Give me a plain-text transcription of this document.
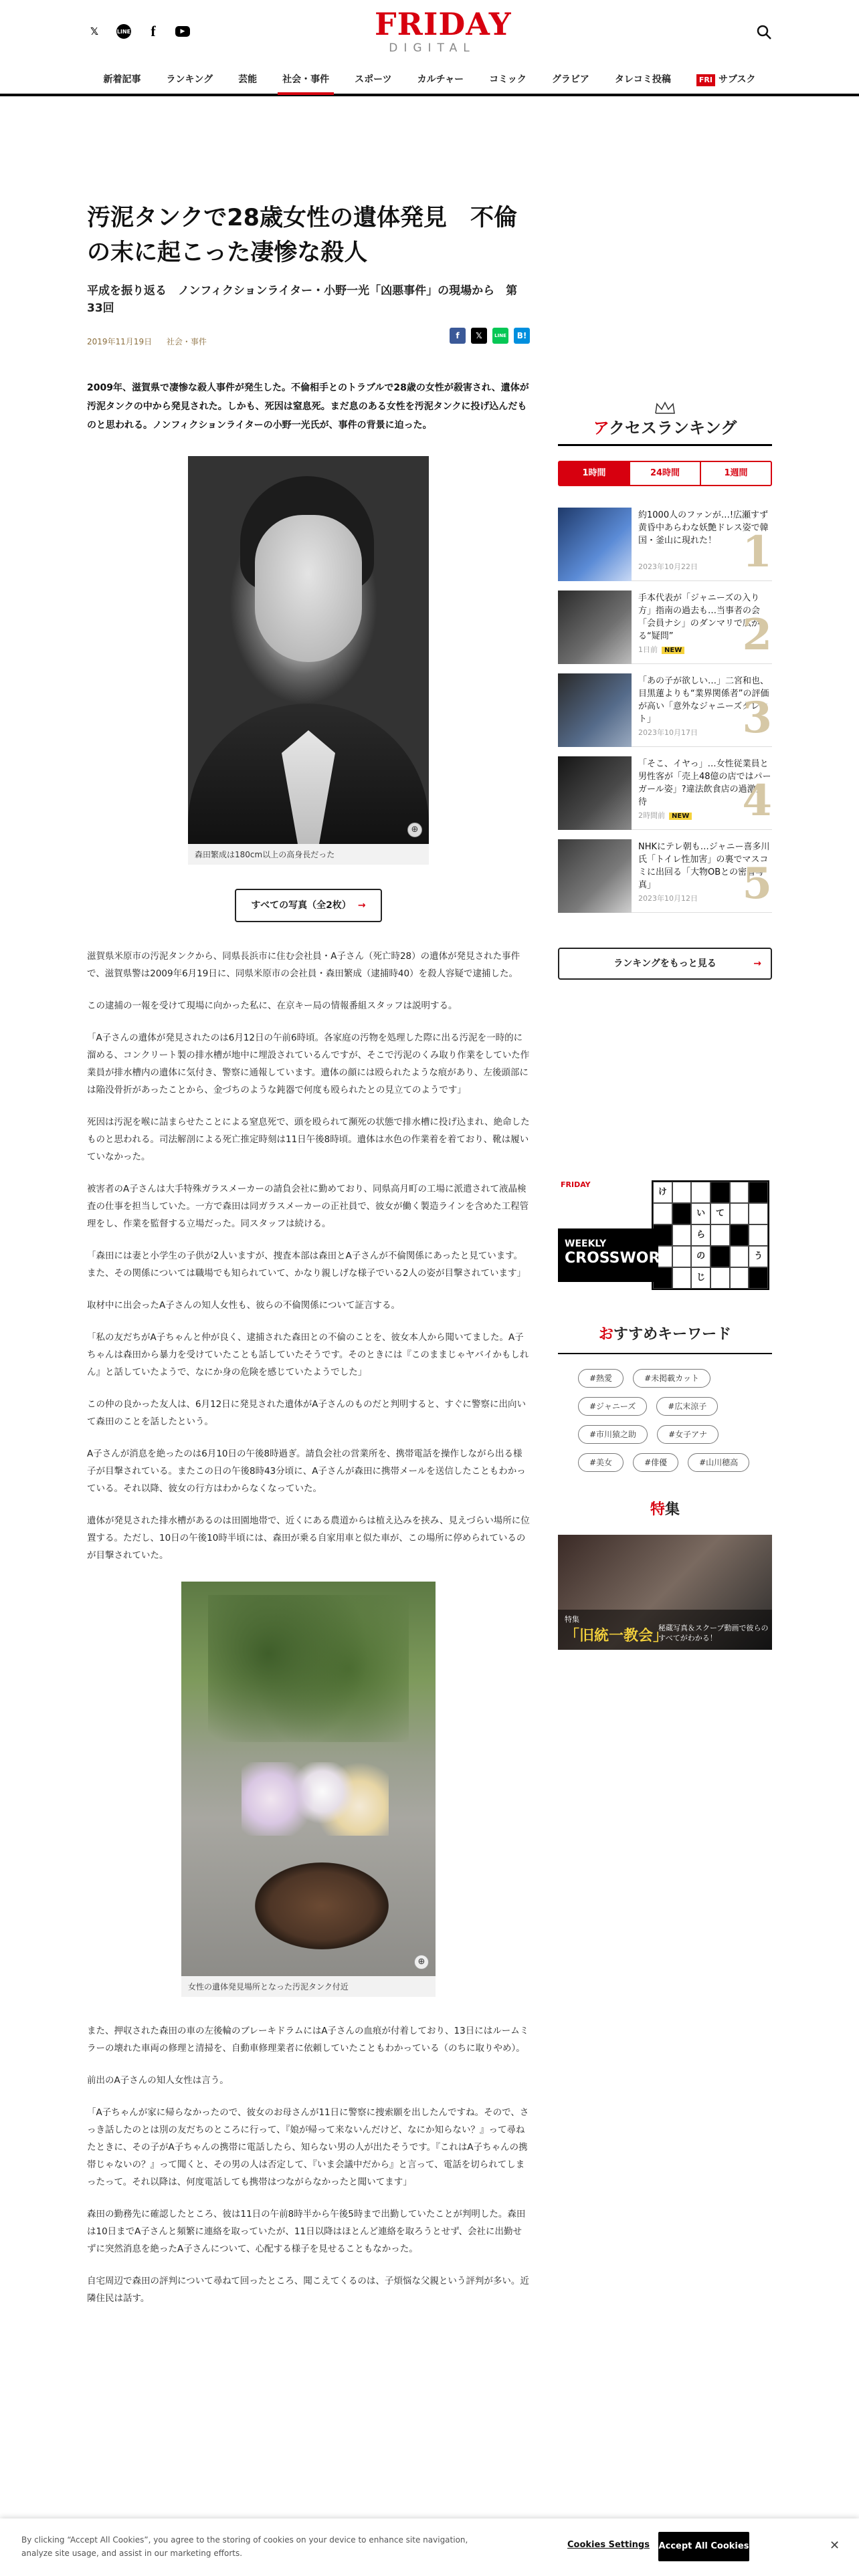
𝕏	LINE	f	▶	FRIDAY
DIGITAL
新着記事	ランキング	芸能	社会・事件	スポーツ	カルチャー	コミック	グラビア	タレコミ投稿	FRI サブスク
汚泥タンクで28歳女性の遺体発見　不倫の末に起こった凄惨な殺人
平成を振り返る　ノンフィクションライター・小野一光「凶悪事件」の現場から　第33回
2019年11月19日 社会・事件
f	𝕏	LINE	B!

2009年、滋賀県で凄惨な殺人事件が発生した。不倫相手とのトラブルで28歳の女性が殺害され、遺体が汚泥タンクの中から発見された。しかも、死因は窒息死。まだ息のある女性を汚泥タンクに投げ込んだものと思われる。ノンフィクションライターの小野一光氏が、事件の背景に迫った。

⊕
森田繁成は180cm以上の高身長だった
すべての写真（全2枚） →

滋賀県米原市の汚泥タンクから、同県長浜市に住む会社員・A子さん（死亡時28）の遺体が発見された事件で、滋賀県警は2009年6月19日に、同県米原市の会社員・森田繁成（逮捕時40）を殺人容疑で逮捕した。

この逮捕の一報を受けて現場に向かった私に、在京キー局の情報番組スタッフは説明する。

「A子さんの遺体が発見されたのは6月12日の午前6時頃。各家庭の汚物を処理した際に出る汚泥を一時的に溜める、コンクリート製の排水槽が地中に埋設されているんですが、そこで汚泥のくみ取り作業をしていた作業員が排水槽内の遺体に気付き、警察に通報しています。遺体の顔には殴られたような痕があり、左後頭部には陥没骨折があったことから、金づちのような鈍器で何度も殴られたとの見立てのようです」

死因は汚泥を喉に詰まらせたことによる窒息死で、頭を殴られて瀕死の状態で排水槽に投げ込まれ、絶命したものと思われる。司法解剖による死亡推定時刻は11日午後8時頃。遺体は水色の作業着を着ており、靴は履いていなかった。

被害者のA子さんは大手特殊ガラスメーカーの請負会社に勤めており、同県高月町の工場に派遣されて液晶検査の仕事を担当していた。一方で森田は同ガラスメーカーの正社員で、彼女が働く製造ラインを含めた工程管理をし、作業を監督する立場だった。同スタッフは続ける。

「森田には妻と小学生の子供が2人いますが、捜査本部は森田とA子さんが不倫関係にあったと見ています。また、その関係については職場でも知られていて、かなり親しげな様子でいる2人の姿が目撃されています」

取材中に出会ったA子さんの知人女性も、彼らの不倫関係について証言する。

「私の友だちがA子ちゃんと仲が良く、逮捕された森田との不倫のことを、彼女本人から聞いてました。A子ちゃんは森田から暴力を受けていたことも話していたそうです。そのときには『このままじゃヤバイかもしれん』と話していたようで、なにか身の危険を感じていたようでした」

この仲の良かった友人は、6月12日に発見された遺体がA子さんのものだと判明すると、すぐに警察に出向いて森田のことを話したという。

A子さんが消息を絶ったのは6月10日の午後8時過ぎ。請負会社の営業所を、携帯電話を操作しながら出る様子が目撃されている。またこの日の午後8時43分頃に、A子さんが森田に携帯メールを送信したこともわかっている。それ以降、彼女の行方はわからなくなっていた。

遺体が発見された排水槽があるのは田園地帯で、近くにある農道からは植え込みを挟み、見えづらい場所に位置する。ただし、10日の午後10時半頃には、森田が乗る自家用車と似た車が、この場所に停められているのが目撃されていた。

⊕
女性の遺体発見場所となった汚泥タンク付近

また、押収された森田の車の左後輪のブレーキドラムにはA子さんの血痕が付着しており、13日にはルームミラーの壊れた車両の修理と清掃を、自動車修理業者に依頼していたこともわかっている（のちに取りやめ）。

前出のA子さんの知人女性は言う。

「A子ちゃんが家に帰らなかったので、彼女のお母さんが11日に警察に捜索願を出したんですね。そので、さっき話したのとは別の友だちのところに行って、『娘が帰って来ないんだけど、なにか知らない？』って尋ねたときに、その子がA子ちゃんの携帯に電話したら、知らない男の人が出たそうです。『これはA子ちゃんの携帯じゃないの？』って聞くと、その男の人は否定して、『いま会議中だから』と言って、電話を切られてしまったって。それ以降は、何度電話しても携帯はつながらなかったと聞いてます」

森田の勤務先に確認したところ、彼は11日の午前8時半から午後5時まで出勤していたことが判明した。森田は10日までA子さんと頻繁に連絡を取っていたが、11日以降はほとんど連絡を取ろうとせず、会社に出勤せずに突然消息を絶ったA子さんについて、心配する様子を見せることもなかった。

自宅周辺で森田の評判について尋ねて回ったところ、聞こえてくるのは、子煩悩な父親という評判が多い。近隣住民は話す。

アクセスランキング
1時間	24時間	1週間
約1000人のファンが…!広瀬すず 黄昏中あらわな妖艶ドレス姿で韓国・釜山に現れた！
2023年10月22日 1
手本代表が「ジャニーズの入り方」指南の過去も…当事者の会「会員ナシ」のダンマリで広がる“疑問”
1日前 NEW 2
「あの子が欲しい…」二宮和也、目黒蓮よりも“業界関係者”の評価が高い「意外なジャニーズタレント」
2023年10月17日 3
「そこ、イヤっ」…女性従業員と男性客が「売上48億の店ではパーガール姿」?違法飲食店の過激接待
2時間前 NEW 4
NHKにテレ朝も…ジャニー喜多川氏「トイレ性加害」の裏でマスコミに出回る「大物OBとの密着写真」
2023年10月12日 5
ランキングをもっと見る	→
FRIDAY
け
い	て
ら
の	う
じ
WEEKLY
CROSSWORD
おすすめキーワード
#熱愛	#未掲載カット
#ジャニーズ	#広末涼子
#市川猿之助	#女子アナ
#美女	#俳優	#山川穂高
特集
特集
「旧統一教会」
秘蔵写真＆スクープ動画で彼らのすべてがわかる！
By clicking “Accept All Cookies”, you agree to the storing of cookies on your device to enhance site navigation, analyze site usage, and assist in our marketing efforts.
Cookies Settings Accept All Cookies	✕
